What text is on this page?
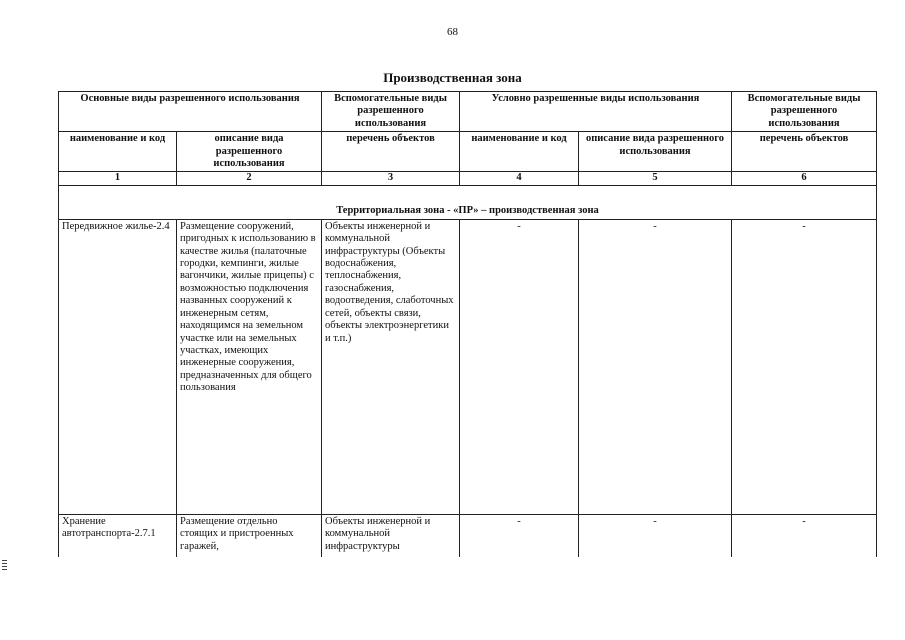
68
Производственная зона
Основные виды разрешенного использования		Вспомогательные виды разрешенного использования	Условно разрешенные виды использования		Вспомогательные виды разрешенного использования
наименование и код	описание вида разрешенного использования	перечень объектов	наименование и код	описание вида разрешенного использования	перечень объектов
1	2	3	4	5	6
Территориальная зона - «ПР» – производственная зона					
Передвижное жилье-2.4	Размещение сооружений, пригодных к использованию в качестве жилья (палаточные городки, кемпинги, жилые вагончики, жилые прицепы) с возможностью подключения названных сооружений к инженерным сетям, находящимся на земельном участке или на земельных участках, имеющих инженерные сооружения, предназначенных для общего пользования	Объекты инженерной и коммунальной инфраструктуры (Объекты водоснабжения, теплоснабжения, газоснабжения, водоотведения, слаботочных сетей, объекты связи, объекты электроэнергетики и т.п.)	-	-	-
Хранение автотранспорта-2.7.1	Размещение отдельно стоящих и пристроенных гаражей,	Объекты инженерной и коммунальной инфраструктуры	-	-	-
